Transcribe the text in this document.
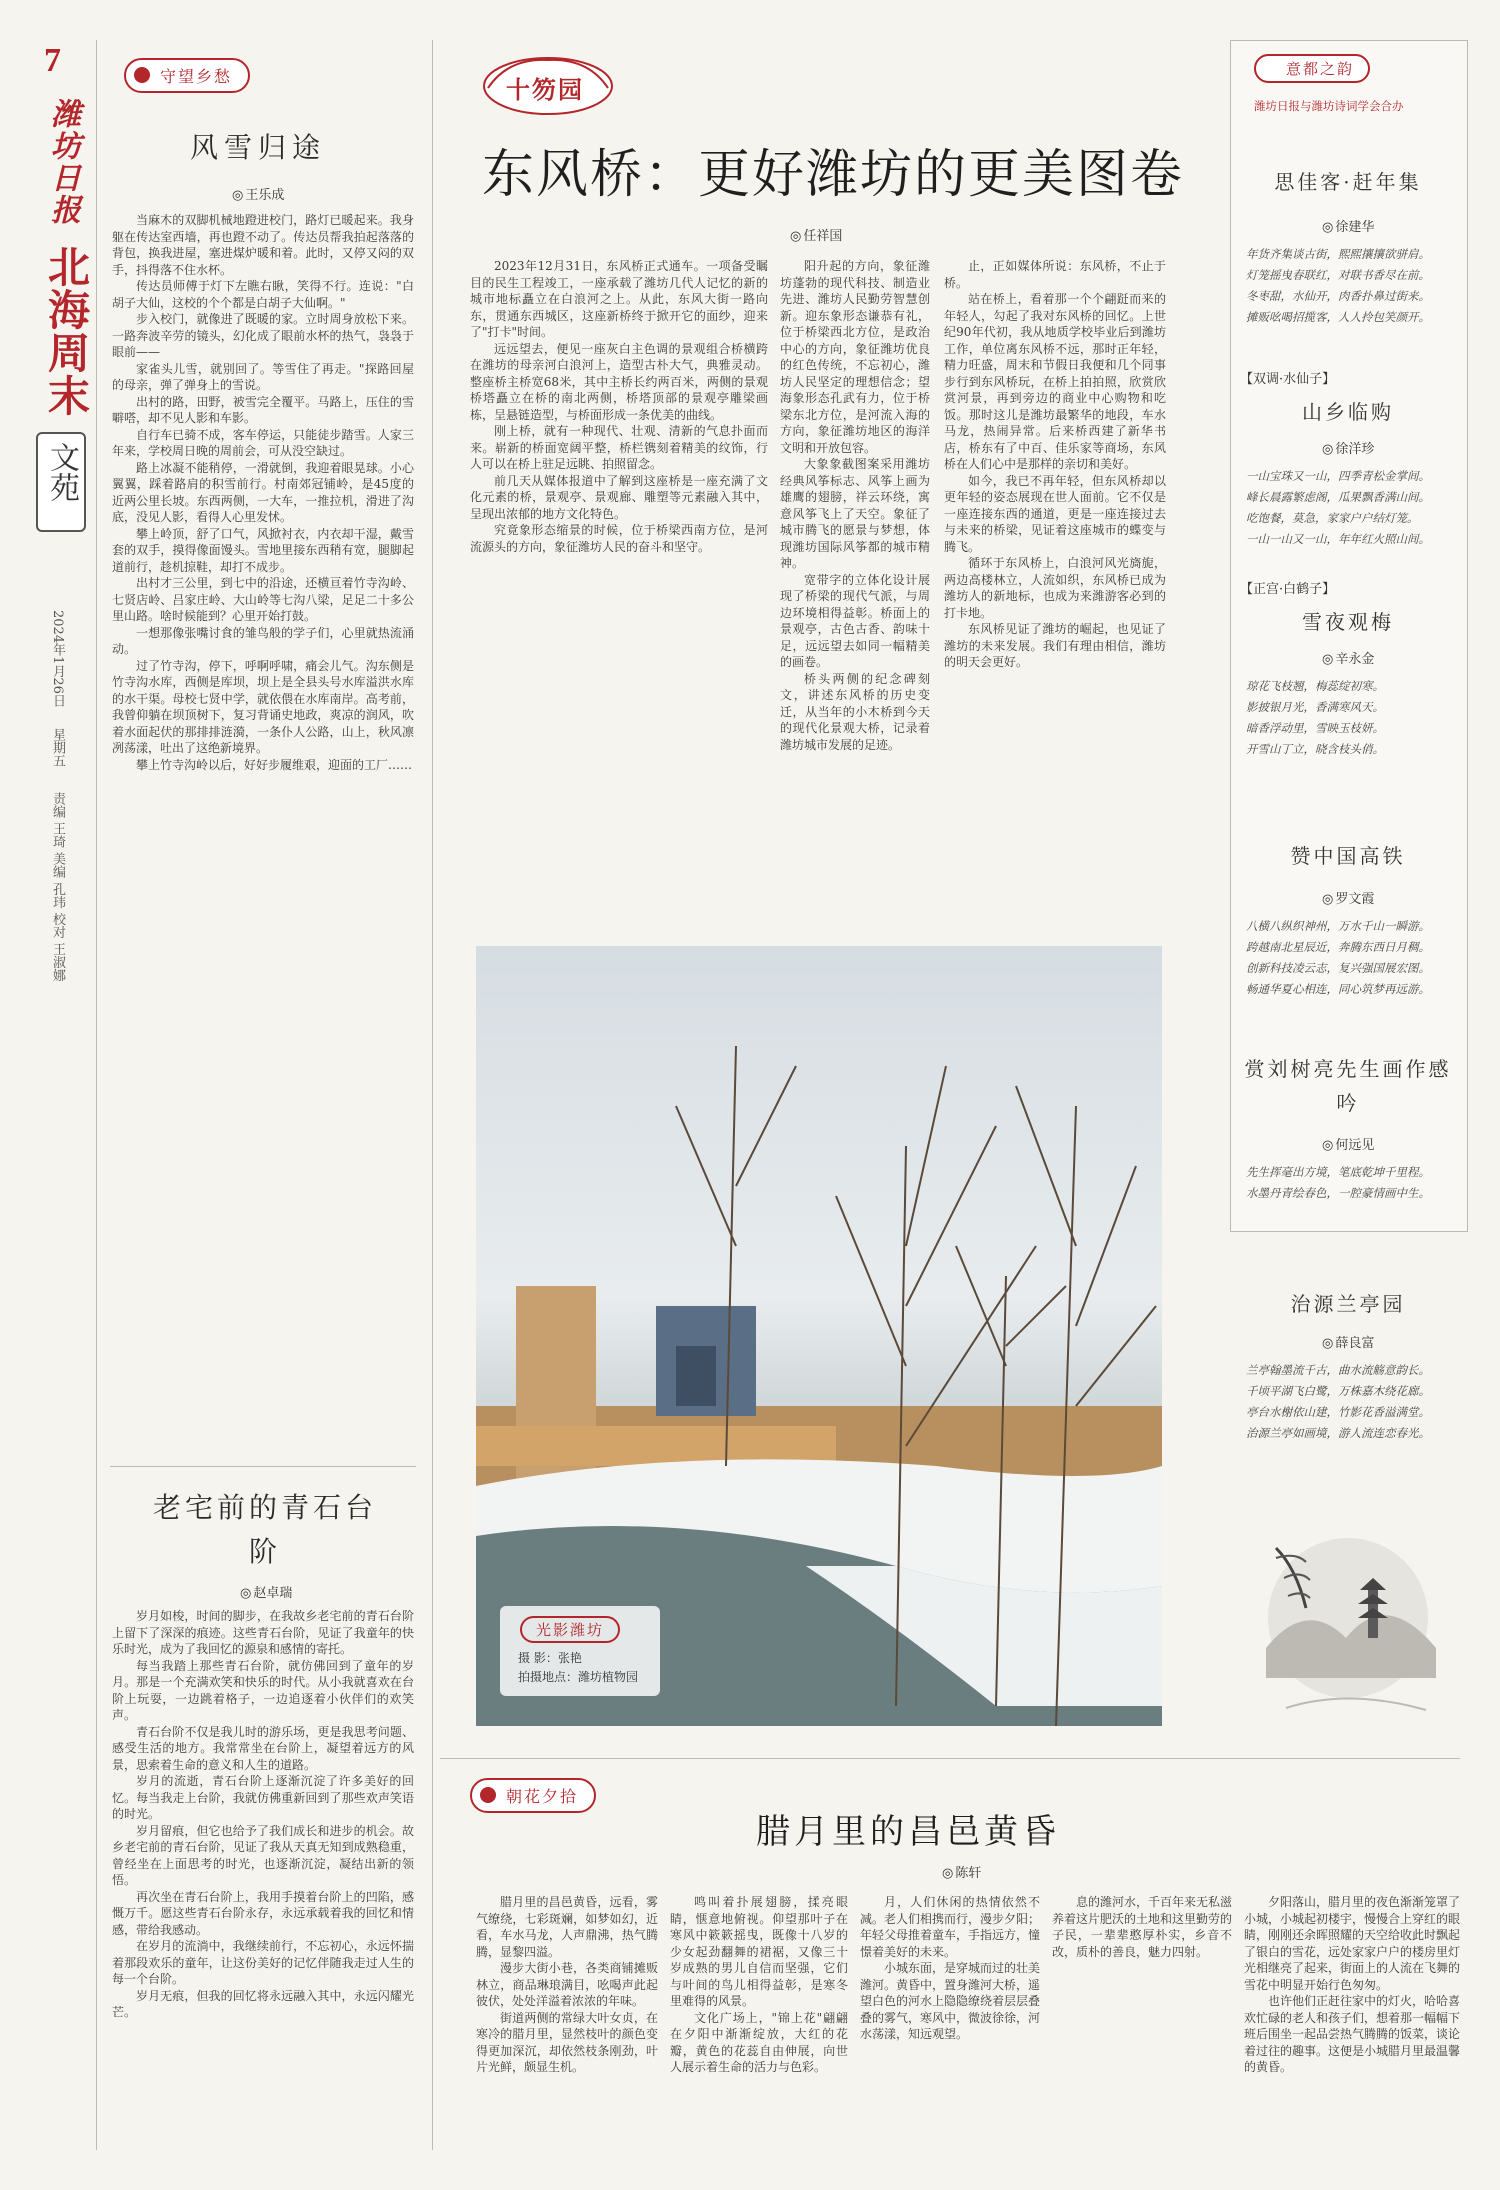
7
潍坊日报
北海周末
文苑
2024年1月26日
星期五
责编 王琦 美编 孔玮 校对 王淑娜
守望乡愁
风雪归途
◎ 王乐成

当麻木的双脚机械地蹬进校门，路灯已暖起来。我身躯在传达室西墙，再也蹬不动了。传达员帮我拍起落落的背包，换我进屋，塞进煤炉暖和着。此时，又停又闷的双手，抖得落不住水杯。

传达员师傅于灯下左瞧右瞅，笑得不行。连说："白胡子大仙，这校的个个都是白胡子大仙啊。"

步入校门，就像进了既暖的家。立时周身放松下来。一路奔波辛劳的镜头，幻化成了眼前水杯的热气，袅袅于眼前——

家雀头儿雪，就别回了。等雪住了再走。"探路回屋的母亲，弹了弹身上的雪说。

出村的路，田野，被雪完全覆平。马路上，压住的雪噼嗒，却不见人影和车影。

自行车已骑不成，客车停运，只能徒步踏雪。人家三年来，学校周日晚的周前会，可从没空缺过。

路上冰凝不能稍停，一滑就倒，我迎着眼晃球。小心翼翼，踩着路肩的积雪前行。村南郊冠铺岭，是45度的近两公里长坡。东西两侧，一大车，一推拉机，滑进了沟底，没见人影，看得人心里发怵。

攀上岭顶，舒了口气，风掀衬衣，内衣却干湿，戴雪套的双手，摸得像面馒头。雪地里接东西稍有宽，腿脚起道前行，趁机掠鞋，却打不成步。

出村才三公里，到七中的沿途，还横亘着竹寺沟岭、七贤店岭、吕家庄岭、大山岭等七沟八梁，足足二十多公里山路。啥时候能到？心里开始打鼓。

一想那像张嘴讨食的雏鸟般的学子们，心里就热流涌动。

过了竹寺沟，停下，呼啊呼啸，痛会儿气。沟东侧是竹寺沟水库，西侧是库坝，坝上是全县头号水库溢洪水库的水干渠。母校七贤中学，就依偎在水库南岸。高考前，我曾仰躺在坝顶树下，复习背诵史地政，爽凉的润风，吹着水面起伏的那排排涟漪，一条仆人公路，山上，秋风凛冽荡漾，吐出了这绝新境界。

攀上竹寺沟岭以后，好好步履维艰，迎面的工厂……

老宅前的青石台阶
◎ 赵卓瑞

岁月如梭，时间的脚步，在我故乡老宅前的青石台阶上留下了深深的痕迹。这些青石台阶，见证了我童年的快乐时光，成为了我回忆的源泉和感情的寄托。

每当我踏上那些青石台阶，就仿佛回到了童年的岁月。那是一个充满欢笑和快乐的时代。从小我就喜欢在台阶上玩耍，一边跳着格子，一边追逐着小伙伴们的欢笑声。

青石台阶不仅是我儿时的游乐场，更是我思考问题、感受生活的地方。我常常坐在台阶上，凝望着远方的风景，思索着生命的意义和人生的道路。

岁月的流逝，青石台阶上逐渐沉淀了许多美好的回忆。每当我走上台阶，我就仿佛重新回到了那些欢声笑语的时光。

岁月留痕，但它也给予了我们成长和进步的机会。故乡老宅前的青石台阶，见证了我从天真无知到成熟稳重，曾经坐在上面思考的时光，也逐渐沉淀，凝结出新的领悟。

再次坐在青石台阶上，我用手摸着台阶上的凹陷，感慨万千。愿这些青石台阶永存，永远承载着我的回忆和情感，带给我感动。

在岁月的流淌中，我继续前行，不忘初心，永远怀揣着那段欢乐的童年，让这份美好的记忆伴随我走过人生的每一个台阶。

岁月无痕，但我的回忆将永远融入其中，永远闪耀光芒。

十笏园
东风桥：更好潍坊的更美图卷
◎ 任祥国

2023年12月31日，东风桥正式通车。一项备受瞩目的民生工程竣工，一座承载了潍坊几代人记忆的新的城市地标矗立在白浪河之上。从此，东风大街一路向东，贯通东西城区，这座新桥终于掀开它的面纱，迎来了"打卡"时间。

远远望去，便见一座灰白主色调的景观组合桥横跨在潍坊的母亲河白浪河上，造型古朴大气，典雅灵动。整座桥主桥宽68米，其中主桥长约两百米，两侧的景观桥塔矗立在桥的南北两侧，桥塔顶部的景观亭雕梁画栋，呈悬链造型，与桥面形成一条优美的曲线。

刚上桥，就有一种现代、壮观、清新的气息扑面而来。崭新的桥面宽阔平整，桥栏镌刻着精美的纹饰，行人可以在桥上驻足远眺、拍照留念。

前几天从媒体报道中了解到这座桥是一座充满了文化元素的桥，景观亭、景观廊、雕塑等元素融入其中，呈现出浓郁的地方文化特色。

究竟象形态缩景的时候，位于桥梁西南方位，是河流源头的方向，象征潍坊人民的奋斗和坚守。

阳升起的方向，象征潍坊蓬勃的现代科技、制造业先进、潍坊人民勤劳智慧创新。迎东象形态谦恭有礼，位于桥梁西北方位，是政治中心的方向，象征潍坊优良的红色传统，不忘初心，潍坊人民坚定的理想信念；望海象形态孔武有力，位于桥梁东北方位，是河流入海的方向，象征潍坊地区的海洋文明和开放包容。

大象象截图案采用潍坊经典风筝标志、风筝上画为雄鹰的翅膀，祥云环绕，寓意风筝飞上了天空。象征了城市腾飞的愿景与梦想，体现潍坊国际风筝都的城市精神。

宽带字的立体化设计展现了桥梁的现代气派，与周边环境相得益彰。桥面上的景观亭，古色古香、韵味十足，远远望去如同一幅精美的画卷。

桥头两侧的纪念碑刻文，讲述东风桥的历史变迁，从当年的小木桥到今天的现代化景观大桥，记录着潍坊城市发展的足迹。

止，正如媒体所说：东风桥，不止于桥。

站在桥上，看着那一个个翩跹而来的年轻人，勾起了我对东风桥的回忆。上世纪90年代初，我从地质学校毕业后到潍坊工作，单位离东风桥不远，那时正年轻，精力旺盛，周末和节假日我便和几个同事步行到东风桥玩，在桥上拍拍照，欣赏欣赏河景，再到旁边的商业中心购物和吃饭。那时这儿是潍坊最繁华的地段，车水马龙，热闹异常。后来桥西建了新华书店，桥东有了中百、佳乐家等商场，东风桥在人们心中是那样的亲切和美好。

如今，我已不再年轻，但东风桥却以更年轻的姿态展现在世人面前。它不仅是一座连接东西的通道，更是一座连接过去与未来的桥梁，见证着这座城市的蝶变与腾飞。

循环于东风桥上，白浪河风光旖旎，两边高楼林立，人流如织，东风桥已成为潍坊人的新地标，也成为来潍游客必到的打卡地。

东风桥见证了潍坊的崛起，也见证了潍坊的未来发展。我们有理由相信，潍坊的明天会更好。

光影潍坊
摄 影：张艳
拍摄地点：潍坊植物园
朝花夕拾
腊月里的昌邑黄昏
◎ 陈轩

腊月里的昌邑黄昏，远看，雾气缭绕，七彩斑斓，如梦如幻，近看，车水马龙，人声鼎沸，热气腾腾，显黎四溢。

漫步大街小巷，各类商铺摊贩林立，商品琳琅满目，吆喝声此起彼伏，处处洋溢着浓浓的年味。

街道两侧的常绿大叶女贞，在寒冷的腊月里，显然枝叶的颜色变得更加深沉，却依然枝条刚劲，叶片光鲜，颇显生机。

鸣叫着扑展翅膀，揉亮眼睛，惬意地俯视。仰望那叶子在寒风中簌簌摇曳，既像十八岁的少女起劲翻舞的裙裾，又像三十岁成熟的男儿自信而坚强，它们与叶间的鸟儿相得益彰，是寒冬里难得的风景。

文化广场上，"锦上花"翩翩在夕阳中渐渐绽放，大红的花瓣，黄色的花蕊自由伸展，向世人展示着生命的活力与色彩。

月，人们休闲的热情依然不减。老人们相携而行，漫步夕阳；年轻父母推着童车，手指远方，憧憬着美好的未来。

小城东面，是穿城而过的壮美潍河。黄昏中，置身潍河大桥，遥望白色的河水上隐隐缭绕着层层叠叠的雾气，寒风中，微波徐徐，河水荡漾，知远观望。

息的潍河水，千百年来无私滋养着这片肥沃的土地和这里勤劳的子民，一辈辈憨厚朴实，乡音不改，质朴的善良，魅力四射。

夕阳落山，腊月里的夜色渐渐笼罩了小城，小城起初楼宇，慢慢合上穿红的眼睛，刚刚还余晖照耀的天空给收此时飘起了银白的雪花，远处家家户户的楼房里灯光相继亮了起来，街面上的人流在飞舞的雪花中明显开始行色匆匆。

也许他们正赶往家中的灯火，哈哈喜欢忙碌的老人和孩子们，想着那一幅幅下班后围坐一起品尝热气腾腾的饭菜，谈论着过往的趣事。这便是小城腊月里最温馨的黄昏。

意都之韵
潍坊日报与潍坊诗词学会合办
思佳客·赶年集
◎ 徐建华
年货齐集谈古街，熙熙攘攘欲骈肩。
灯笼摇曳春联红，对联书香尽在前。
冬枣甜，水仙开，肉香扑鼻过街来。
摊贩吆喝招揽客，人人拎包笑颜开。
【双调·水仙子】
山乡临购
◎ 徐洋珍
一山宝珠又一山，四季青松金掌间。
峰长晨露繁虑阁，瓜果飘香满山间。
吃饱餐，莫急，家家户户结灯笼。
一山一山又一山，年年红火照山间。
【正宫·白鹤子】
雪夜观梅
◎ 辛永金
琼花飞枝翘，梅蕊绽初寒。
影披银月光，香满寒风天。
暗香浮动里，雪映玉枝妍。
开雪山丁立，晓含枝头俏。
赞中国高铁
◎ 罗文霞
八横八纵织神州，万水千山一瞬游。
跨越南北星辰近，奔腾东西日月稠。
创新科技凌云志，复兴强国展宏图。
畅通华夏心相连，同心筑梦再远游。
赏刘树亮先生画作感吟
◎ 何远见
先生挥毫出方境，笔底乾坤千里程。
水墨丹青绘春色，一腔豪情画中生。
治源兰亭园
◎ 薛良富
兰亭翰墨流千古，曲水流觞意韵长。
千顷平湖飞白鹭，万株嘉木绕花廊。
亭台水榭依山建，竹影花香溢满堂。
治源兰亭如画境，游人流连恋春光。
